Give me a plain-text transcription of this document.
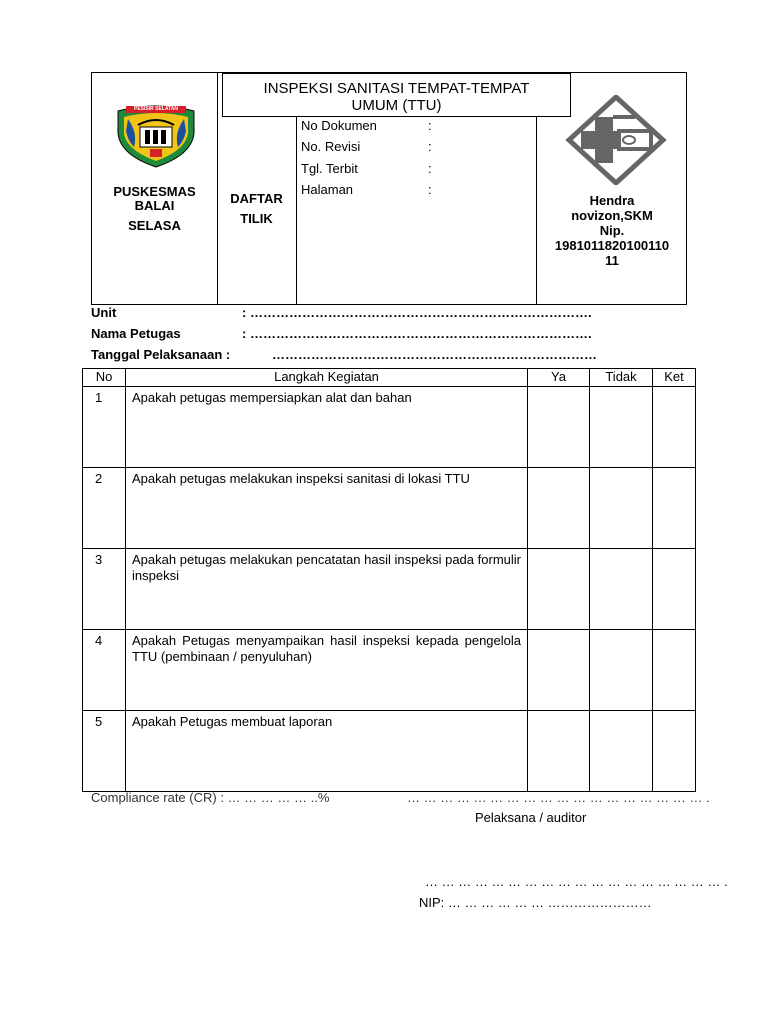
INSPEKSI SANITASI TEMPAT-TEMPAT
UMUM (TTU)
PESISIR SELATAN
PUSKESMAS
BALAI
SELASA
DAFTAR
TILIK
No Dokumen	:
No. Revisi	:
Tgl. Terbit	:
Halaman	:
Hendra
novizon,SKM
Nip.
1981011820100110
11
Unit	: …………………………………………………………………….
Nama Petugas	: …………………………………………………………………….
Tanggal Pelaksanaan :	…………………………………………………………………
No	Langkah Kegiatan	Ya	Tidak	Ket
1	Apakah petugas mempersiapkan alat dan bahan			
2	Apakah petugas melakukan inspeksi sanitasi di lokasi TTU			
3	Apakah petugas melakukan pencatatan hasil inspeksi pada formulir inspeksi			
4	Apakah Petugas menyampaikan hasil inspeksi kepada pengelola TTU (pembinaan / penyuluhan)			
5	Apakah Petugas membuat laporan			
Compliance rate (CR) : … … … … … ..%	… … … … … … … … … … … … … … … … … … .
Pelaksana / auditor
… … … … … … … … … … … … … … … … … … .
NIP: … … … … … … ……………………
